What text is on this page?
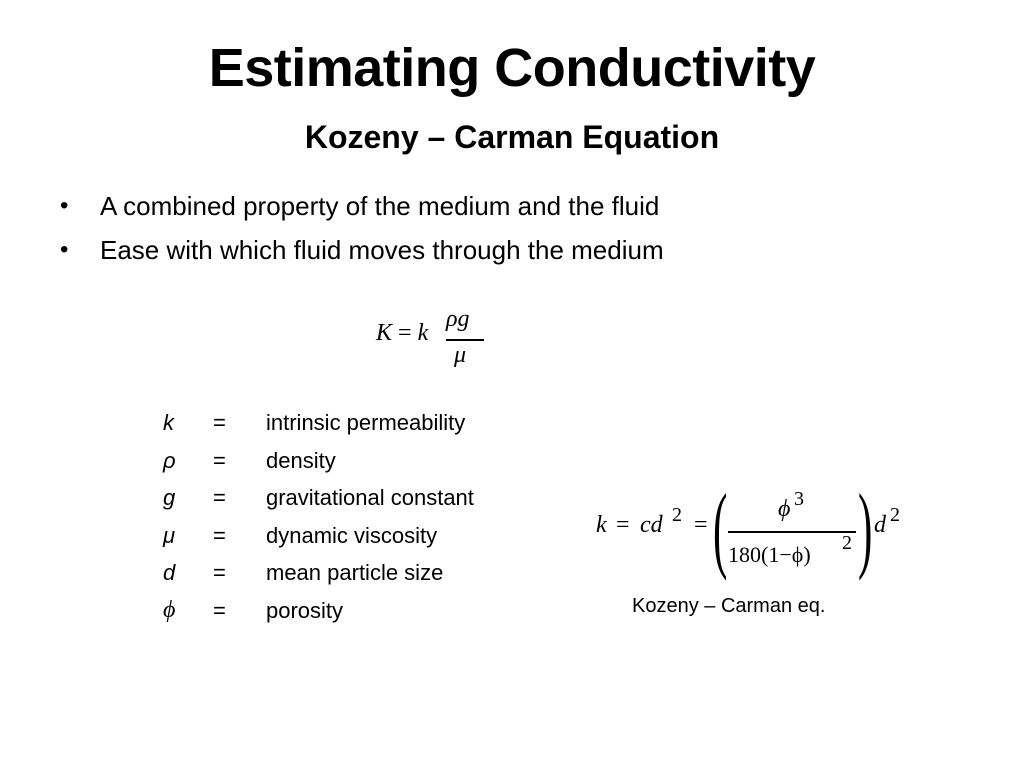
Estimating Conductivity
Kozeny – Carman Equation
• A combined property of the medium and the fluid
• Ease with which fluid moves through the medium
K = k
ρg
μ
k	= intrinsic permeability
ρ	= density
g	= gravitational constant
μ	= dynamic viscosity
d	= mean particle size
ϕ	= porosity
k = cd 2 = ( ϕ 3
180(1−ϕ) 2 ) d 2
Kozeny – Carman eq.
